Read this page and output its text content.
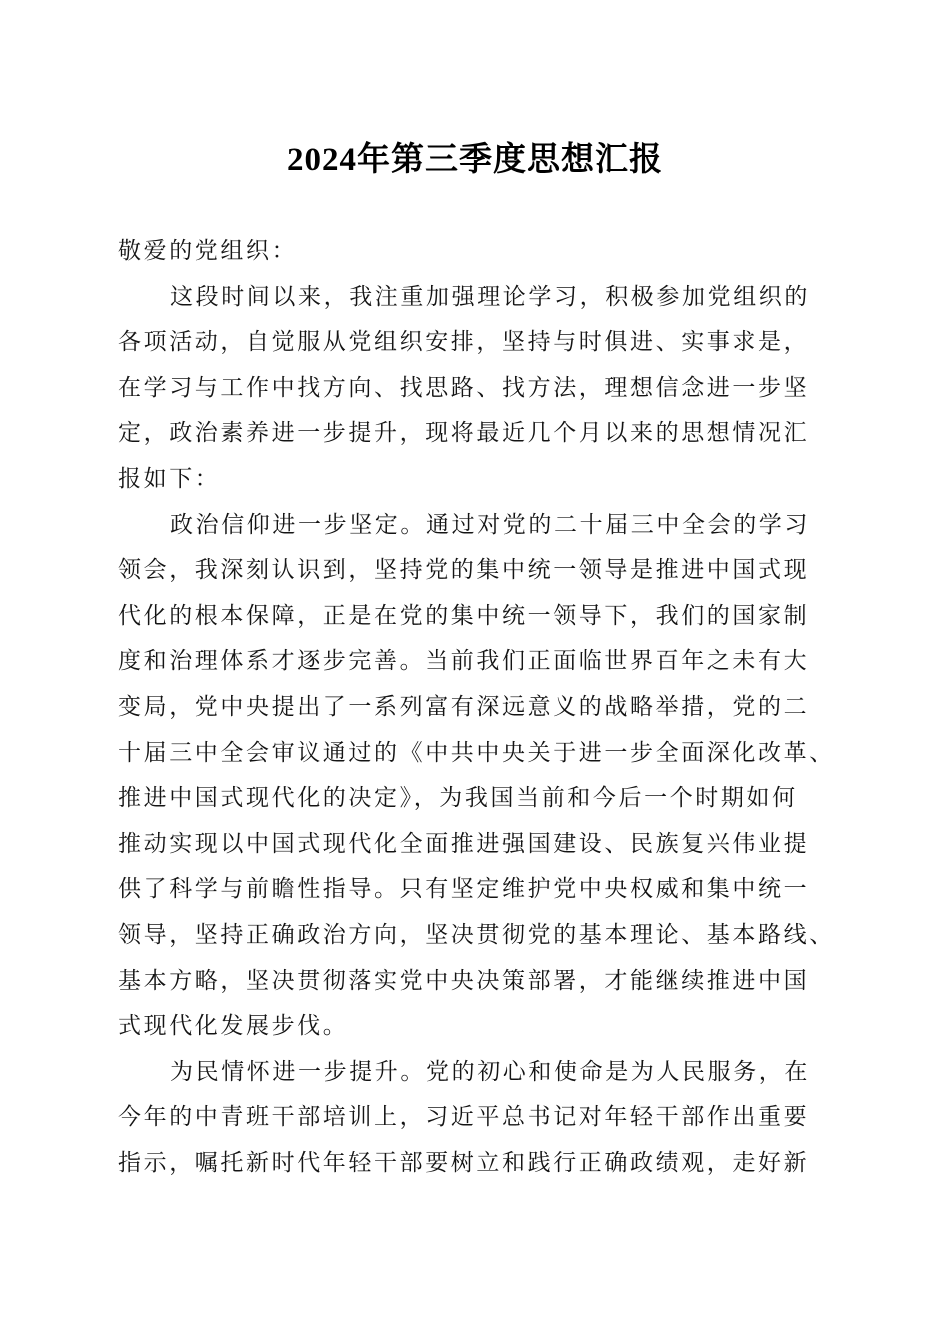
2024年第三季度思想汇报
敬爱的党组织：
这段时间以来，我注重加强理论学习，积极参加党组织的
各项活动，自觉服从党组织安排，坚持与时俱进、实事求是，
在学习与工作中找方向、找思路、找方法，理想信念进一步坚
定，政治素养进一步提升，现将最近几个月以来的思想情况汇
报如下：
政治信仰进一步坚定。通过对党的二十届三中全会的学习
领会，我深刻认识到，坚持党的集中统一领导是推进中国式现
代化的根本保障，正是在党的集中统一领导下，我们的国家制
度和治理体系才逐步完善。当前我们正面临世界百年之未有大
变局，党中央提出了一系列富有深远意义的战略举措，党的二
十届三中全会审议通过的《中共中央关于进一步全面深化改革、
推进中国式现代化的决定》，为我国当前和今后一个时期如何
推动实现以中国式现代化全面推进强国建设、民族复兴伟业提
供了科学与前瞻性指导。只有坚定维护党中央权威和集中统一
领导，坚持正确政治方向，坚决贯彻党的基本理论、基本路线、
基本方略，坚决贯彻落实党中央决策部署，才能继续推进中国
式现代化发展步伐。
为民情怀进一步提升。党的初心和使命是为人民服务，在
今年的中青班干部培训上，习近平总书记对年轻干部作出重要
指示，嘱托新时代年轻干部要树立和践行正确政绩观，走好新
